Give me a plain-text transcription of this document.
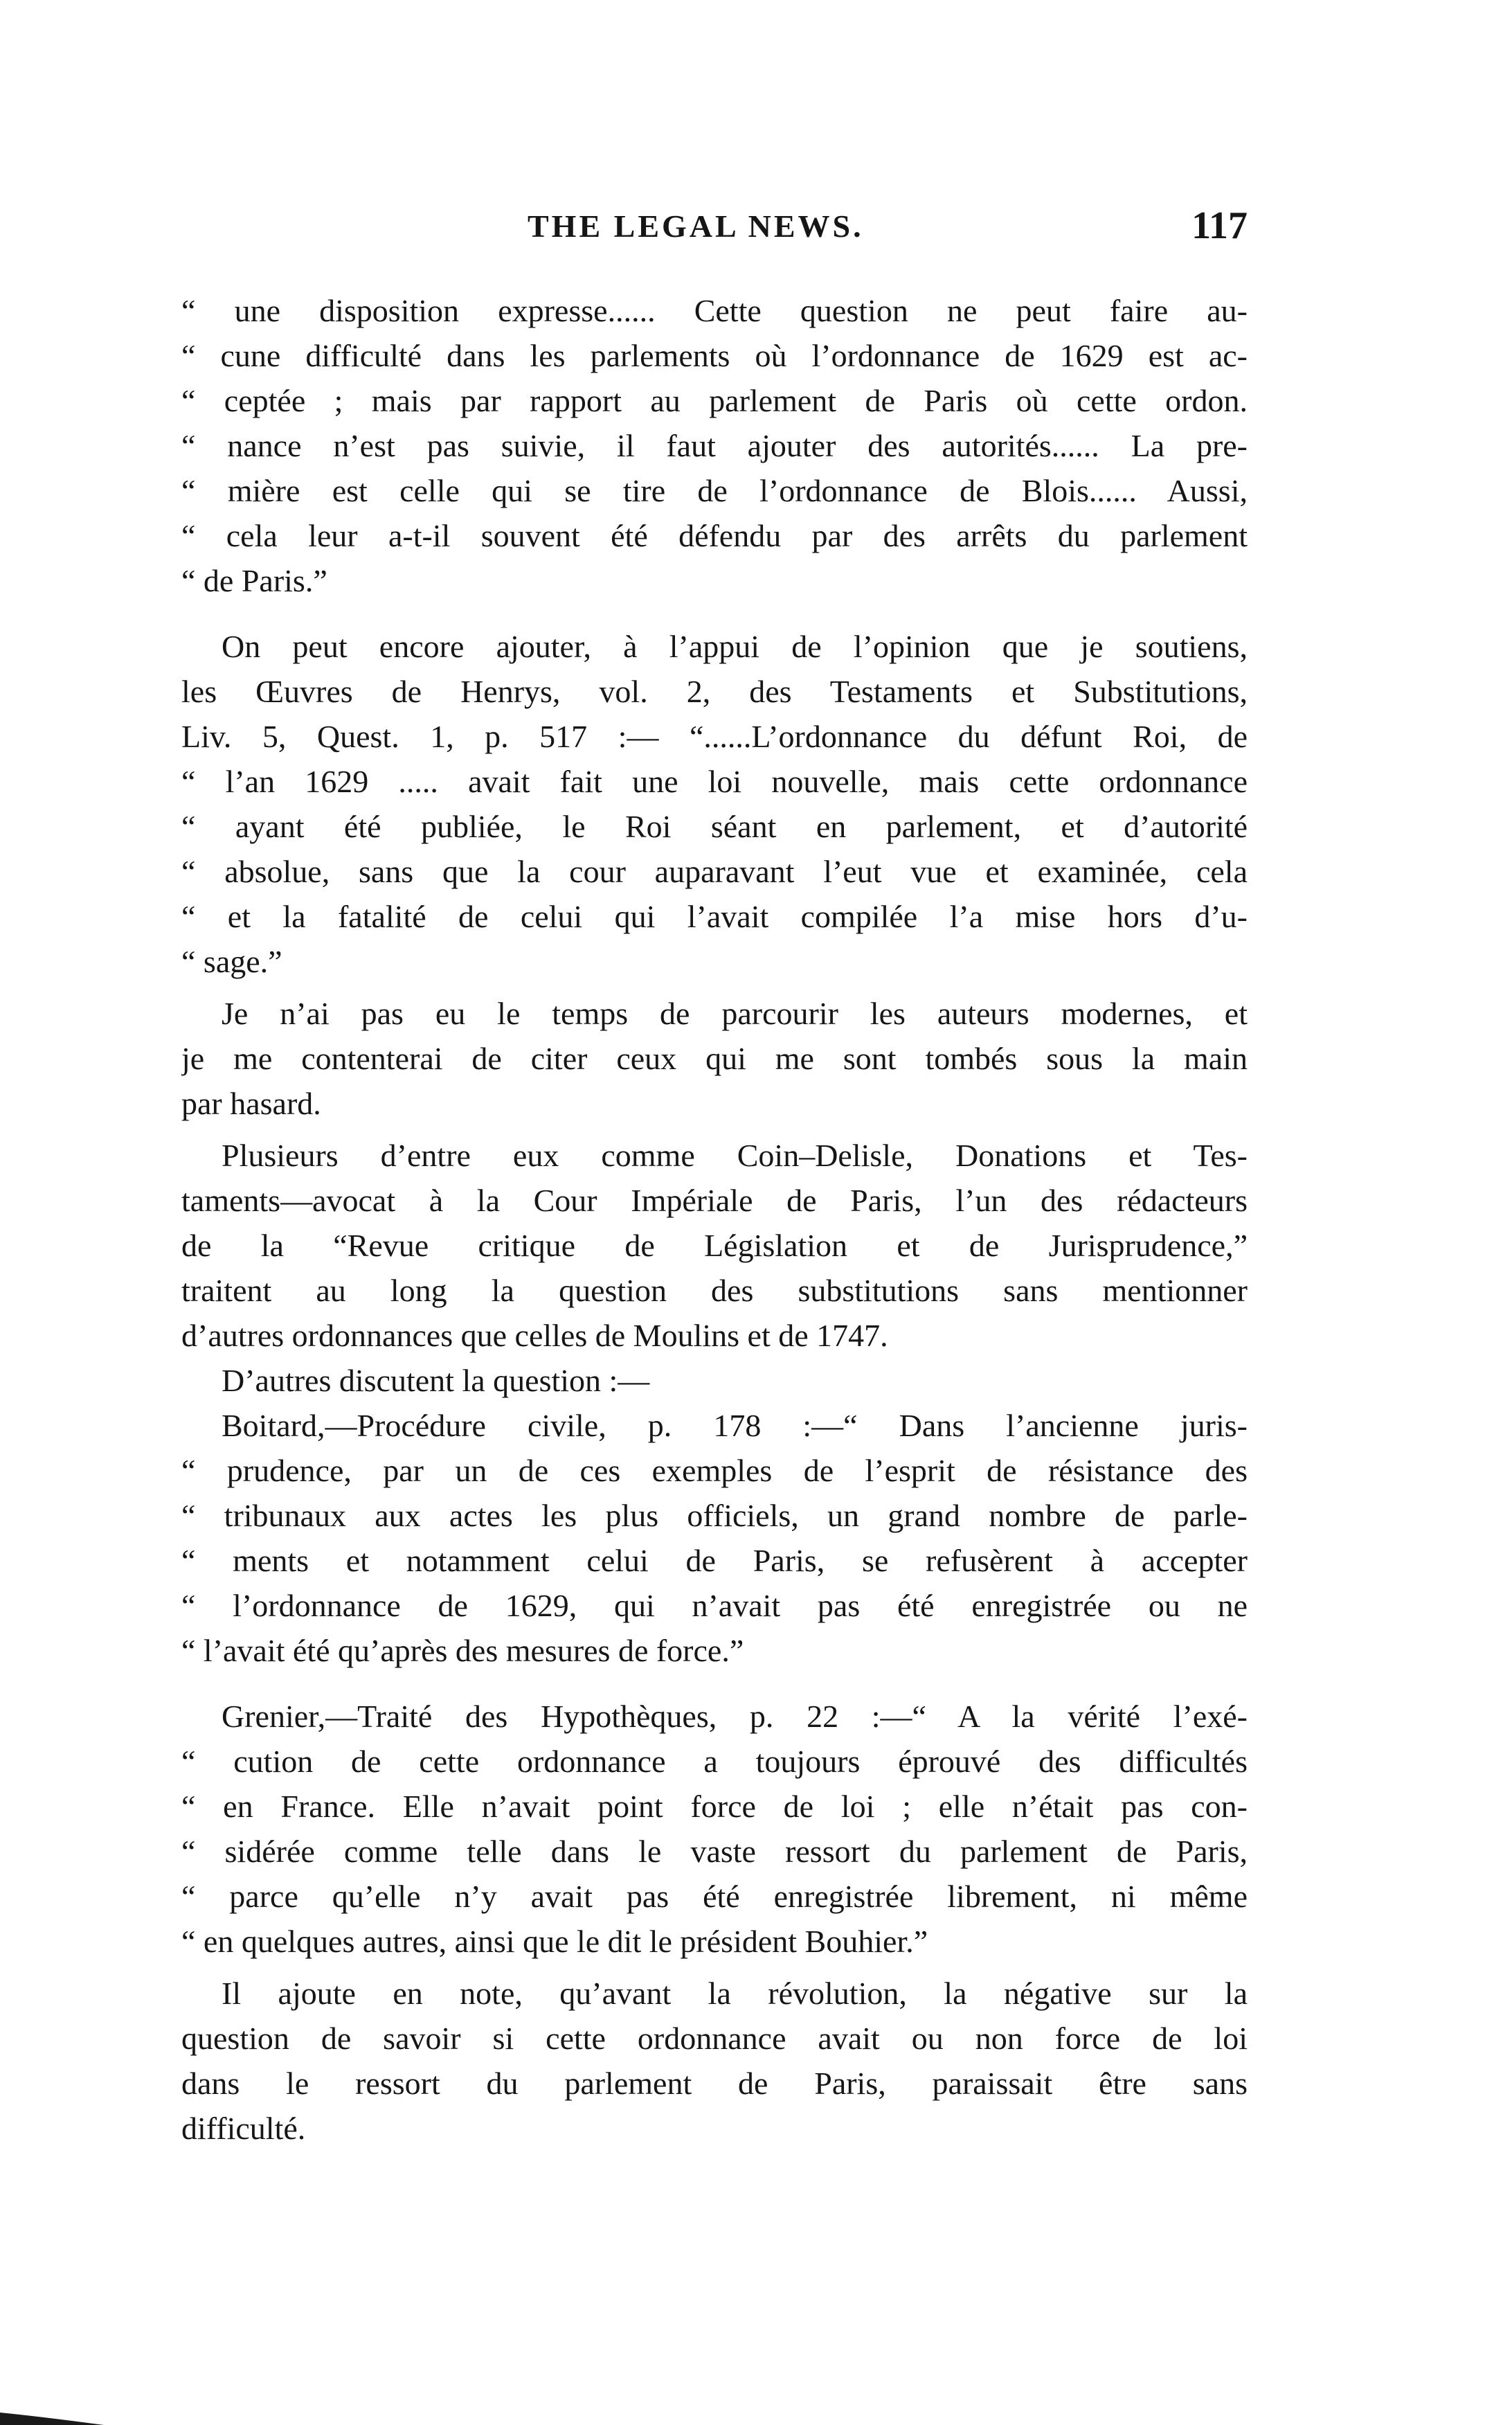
THE LEGAL NEWS.	117
“ une disposition expresse...... Cette question ne peut faire au-
“ cune difficulté dans les parlements où l’ordonnance de 1629 est ac-
“ ceptée ; mais par rapport au parlement de Paris où cette ordon.
“ nance n’est pas suivie, il faut ajouter des autorités...... La pre-
“ mière est celle qui se tire de l’ordonnance de Blois...... Aussi,
“ cela leur a-t-il souvent été défendu par des arrêts du parlement
“ de Paris.”
On peut encore ajouter, à l’appui de l’opinion que je soutiens,
les Œuvres de Henrys, vol. 2, des Testaments et Substitutions,
Liv. 5, Quest. 1, p. 517 :— “......L’ordonnance du défunt Roi, de
“ l’an 1629 ..... avait fait une loi nouvelle, mais cette ordonnance
“ ayant été publiée, le Roi séant en parlement, et d’autorité
“ absolue, sans que la cour auparavant l’eut vue et examinée, cela
“ et la fatalité de celui qui l’avait compilée l’a mise hors d’u-
“ sage.”
Je n’ai pas eu le temps de parcourir les auteurs modernes, et
je me contenterai de citer ceux qui me sont tombés sous la main
par hasard.
Plusieurs d’entre eux comme Coin–Delisle, Donations et Tes-
taments—avocat à la Cour Impériale de Paris, l’un des rédacteurs
de la “Revue critique de Législation et de Jurisprudence,”
traitent au long la question des substitutions sans mentionner
d’autres ordonnances que celles de Moulins et de 1747.
D’autres discutent la question :—
Boitard,—Procédure civile, p. 178 :—“ Dans l’ancienne juris-
“ prudence, par un de ces exemples de l’esprit de résistance des
“ tribunaux aux actes les plus officiels, un grand nombre de parle-
“ ments et notamment celui de Paris, se refusèrent à accepter
“ l’ordonnance de 1629, qui n’avait pas été enregistrée ou ne
“ l’avait été qu’après des mesures de force.”
Grenier,—Traité des Hypothèques, p. 22 :—“ A la vérité l’exé-
“ cution de cette ordonnance a toujours éprouvé des difficultés
“ en France. Elle n’avait point force de loi ; elle n’était pas con-
“ sidérée comme telle dans le vaste ressort du parlement de Paris,
“ parce qu’elle n’y avait pas été enregistrée librement, ni même
“ en quelques autres, ainsi que le dit le président Bouhier.”
Il ajoute en note, qu’avant la révolution, la négative sur la
question de savoir si cette ordonnance avait ou non force de loi
dans le ressort du parlement de Paris, paraissait être sans
difficulté.
